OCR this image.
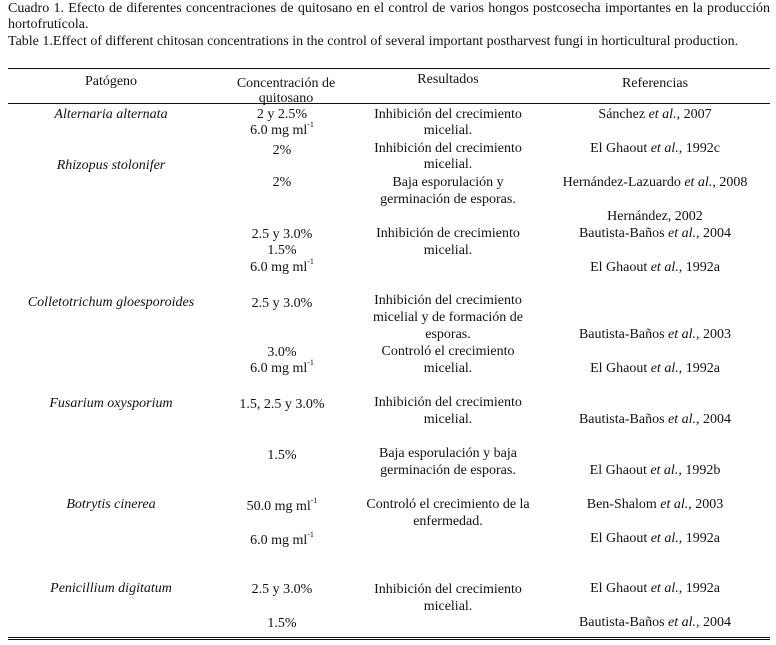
Cuadro 1. Efecto de diferentes concentraciones de quitosano en el control de varios hongos postcosecha importantes en la producción hortofrutícola.
Table 1.Effect of different chitosan concentrations in the control of several important postharvest fungi in horticultural production.
Patógeno	Concentración de quitosano
Resultados	Referencias
Alternaria alternata
Rhizopus stolonifer
Colletotrichum gloesporoides
Fusarium oxysporium
Botrytis cinerea
Penicillium digitatum
2 y 2.5%
6.0 mg $ml^{-1}$
2%
2%
2.5 y 3.0%
1.5%
6.0 mg $ml^{-1}$
2.5 y 3.0%
3.0%
6.0 mg $ml^{-1}$
1.5, 2.5 y 3.0%
1.5%
50.0 mg $ml^{-1}$
6.0 mg $ml^{-1}$
2.5 y 3.0%
1.5%
Inhibición del crecimiento
micelial.
Inhibición del crecimiento
micelial.
Baja esporulación y
germinación de esporas.
Inhibición de crecimiento
micelial.
Inhibición del crecimiento
micelial y de formación de
esporas.
Controló el crecimiento
micelial.
Inhibición del crecimiento
micelial.
Baja esporulación y baja
germinación de esporas.
Controló el crecimiento de la
enfermedad.
Inhibición del crecimiento
micelial.
Sánchez et al., 2007
El Ghaout et al., 1992c
Hernández-Lazuardo et al., 2008
Hernández, 2002
Bautista-Baños et al., 2004
El Ghaout et al., 1992a
Bautista-Baños et al., 2003
El Ghaout et al., 1992a
Bautista-Baños et al., 2004
El Ghaout et al., 1992b
Ben-Shalom et al., 2003
El Ghaout et al., 1992a
El Ghaout et al., 1992a
Bautista-Baños et al., 2004
